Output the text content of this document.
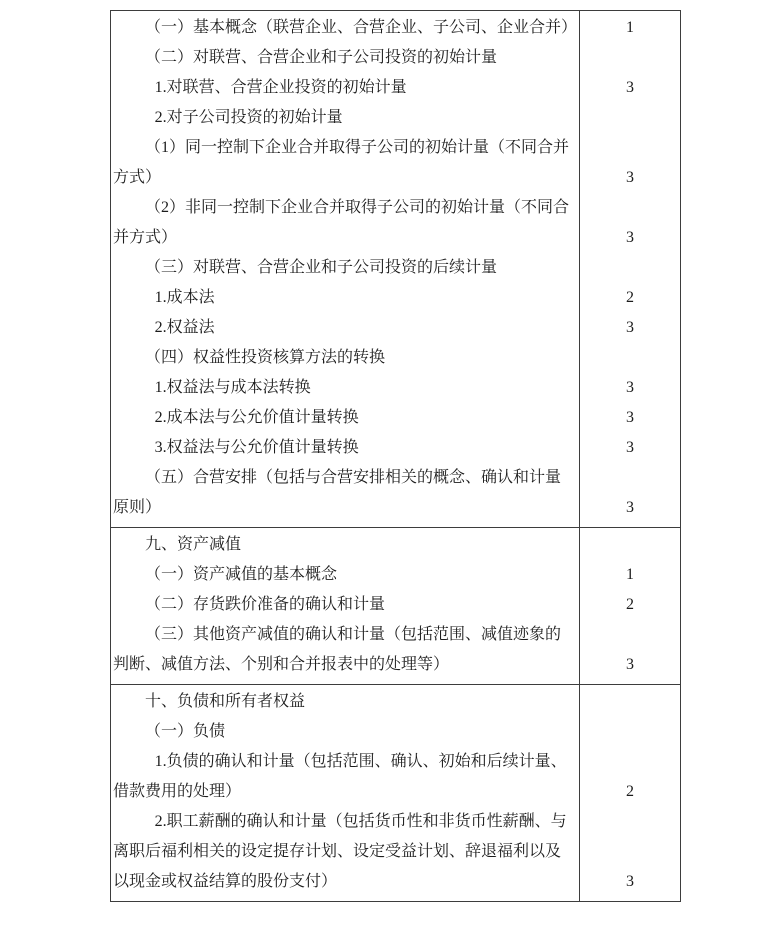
（一）基本概念（联营企业、合营企业、子公司、企业合并）	1

（二）对联营、合营企业和子公司投资的初始计量	

1.对联营、合营企业投资的初始计量	3

2.对子公司投资的初始计量	

（1）同一控制下企业合并取得子公司的初始计量（不同合并方式）	3

（2）非同一控制下企业合并取得子公司的初始计量（不同合并方式）	3

（三）对联营、合营企业和子公司投资的后续计量	

1.成本法	2

2.权益法	3

（四）权益性投资核算方法的转换	

1.权益法与成本法转换	3

2.成本法与公允价值计量转换	3

3.权益法与公允价值计量转换	3

（五）合营安排（包括与合营安排相关的概念、确认和计量原则）	3

九、资产减值	

（一）资产减值的基本概念	1

（二）存货跌价准备的确认和计量	2

（三）其他资产减值的确认和计量（包括范围、减值迹象的判断、减值方法、个别和合并报表中的处理等）	3

十、负债和所有者权益	

（一）负债	

1.负债的确认和计量（包括范围、确认、初始和后续计量、借款费用的处理）	2

2.职工薪酬的确认和计量（包括货币性和非货币性薪酬、与离职后福利相关的设定提存计划、设定受益计划、辞退福利以及以现金或权益结算的股份支付）	3
